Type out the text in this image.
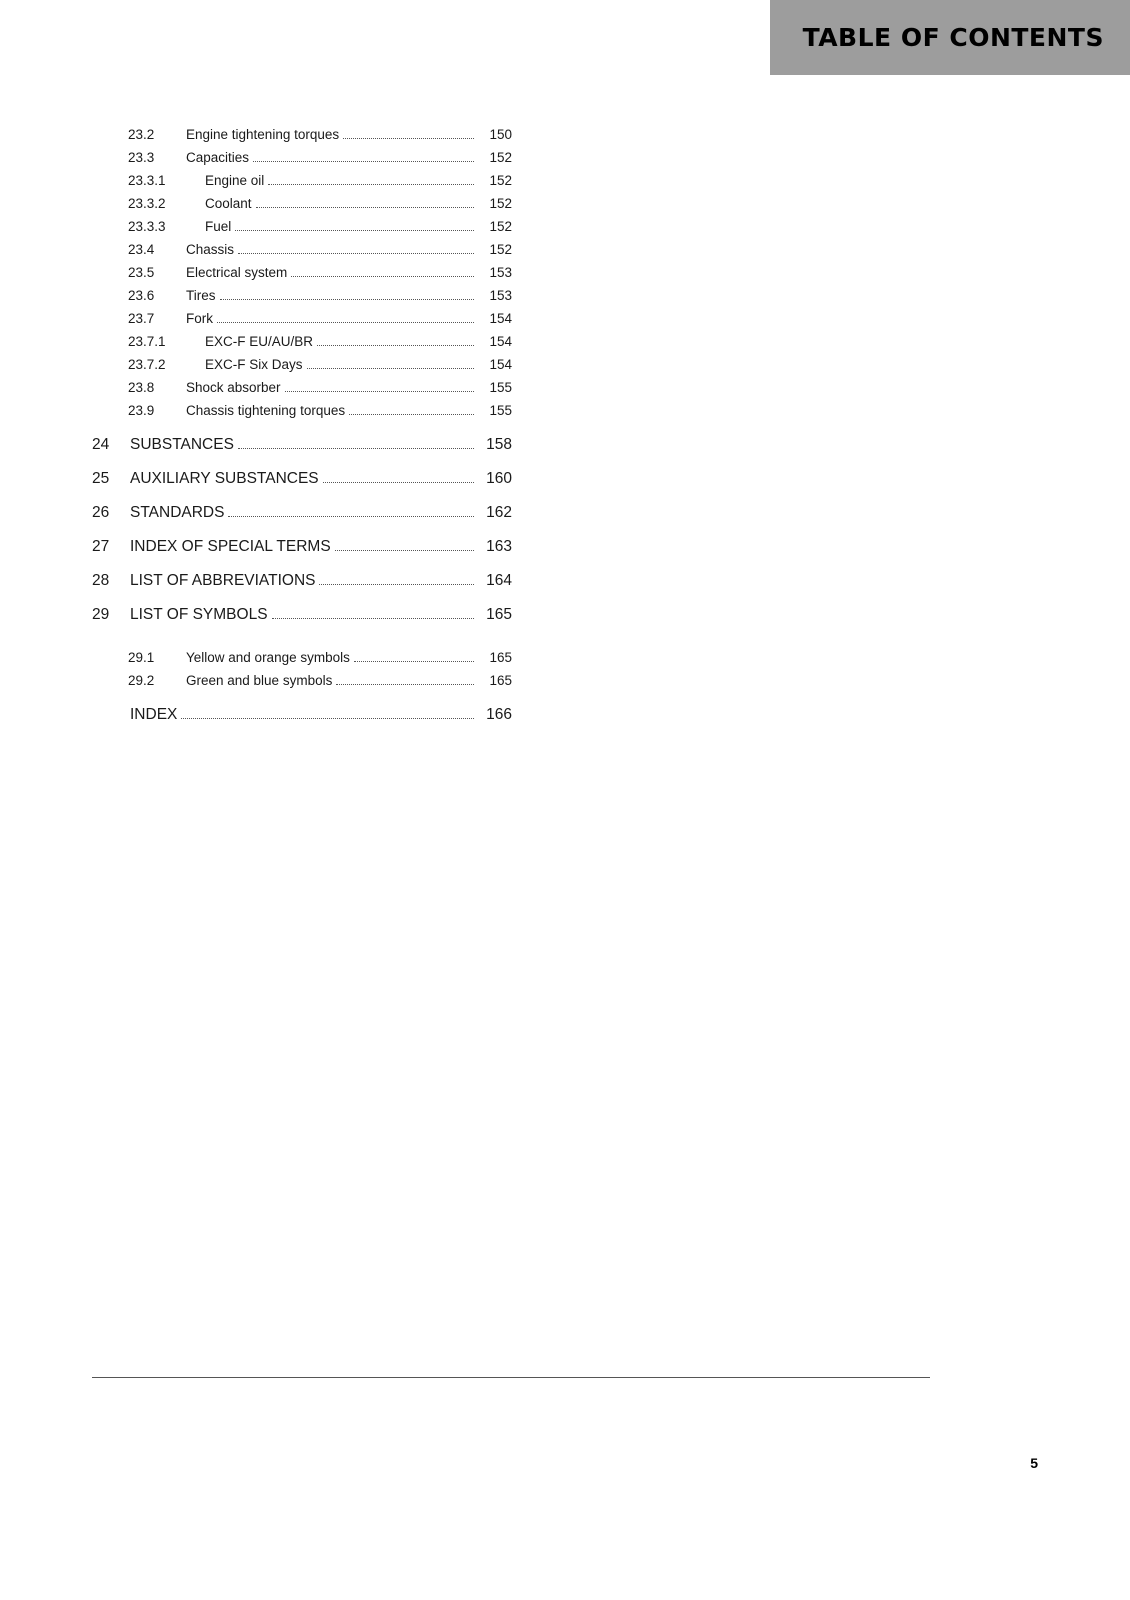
TABLE OF CONTENTS
23.2	Engine tightening torques	150
23.3	Capacities	152
23.3.1	Engine oil	152
23.3.2	Coolant	152
23.3.3	Fuel	152
23.4	Chassis	152
23.5	Electrical system	153
23.6	Tires	153
23.7	Fork	154
23.7.1	EXC-F EU/AU/BR	154
23.7.2	EXC-F Six Days	154
23.8	Shock absorber	155
23.9	Chassis tightening torques	155
24	SUBSTANCES	158
25	AUXILIARY SUBSTANCES	160
26	STANDARDS	162
27	INDEX OF SPECIAL TERMS	163
28	LIST OF ABBREVIATIONS	164
29	LIST OF SYMBOLS	165
29.1	Yellow and orange symbols	165
29.2	Green and blue symbols	165
INDEX	166
5
